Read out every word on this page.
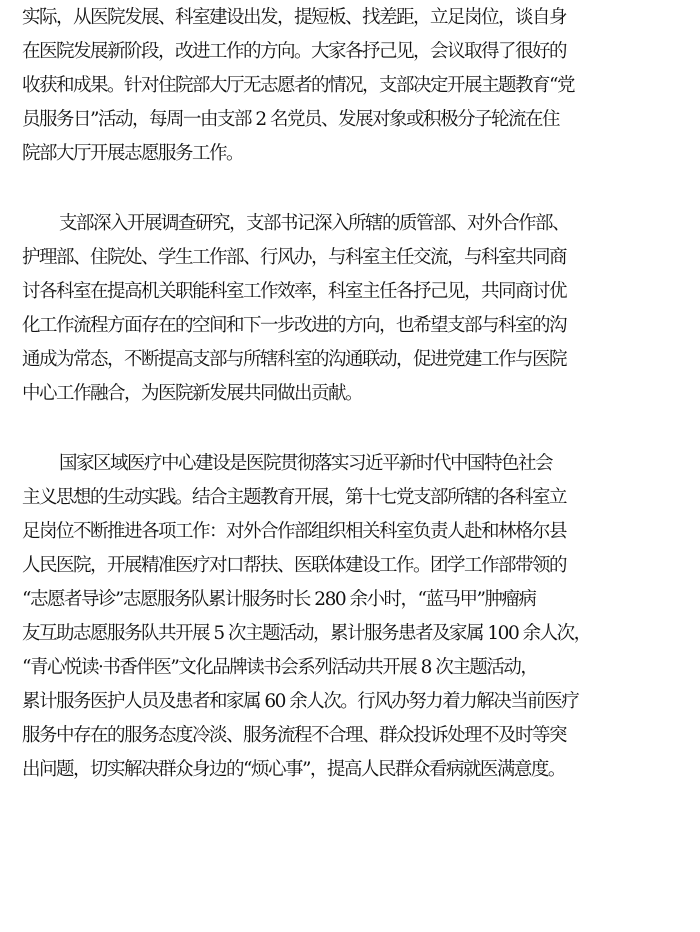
实际，从医院发展、科室建设出发，提短板、找差距，立足岗位，谈自身
在医院发展新阶段，改进工作的方向。大家各抒己见，会议取得了很好的
收获和成果。针对住院部大厅无志愿者的情况，支部决定开展主题教育“党
员服务日”活动，每周一由支部 2 名党员、发展对象或积极分子轮流在住
院部大厅开展志愿服务工作。
支部深入开展调查研究，支部书记深入所辖的质管部、对外合作部、
护理部、住院处、学生工作部、行风办，与科室主任交流，与科室共同商
讨各科室在提高机关职能科室工作效率，科室主任各抒己见，共同商讨优
化工作流程方面存在的空间和下一步改进的方向，也希望支部与科室的沟
通成为常态，不断提高支部与所辖科室的沟通联动，促进党建工作与医院
中心工作融合，为医院新发展共同做出贡献。
国家区域医疗中心建设是医院贯彻落实习近平新时代中国特色社会
主义思想的生动实践。结合主题教育开展，第十七党支部所辖的各科室立
足岗位不断推进各项工作：对外合作部组织相关科室负责人赴和林格尔县
人民医院，开展精准医疗对口帮扶、医联体建设工作。团学工作部带领的
“志愿者导诊”志愿服务队累计服务时长 280 余小时，“蓝马甲”肿瘤病
友互助志愿服务队共开展 5 次主题活动，累计服务患者及家属 100 余人次，
“青心悦读·书香伴医”文化品牌读书会系列活动共开展 8 次主题活动，
累计服务医护人员及患者和家属 60 余人次。行风办努力着力解决当前医疗
服务中存在的服务态度冷淡、服务流程不合理、群众投诉处理不及时等突
出问题，切实解决群众身边的“烦心事”，提高人民群众看病就医满意度。
